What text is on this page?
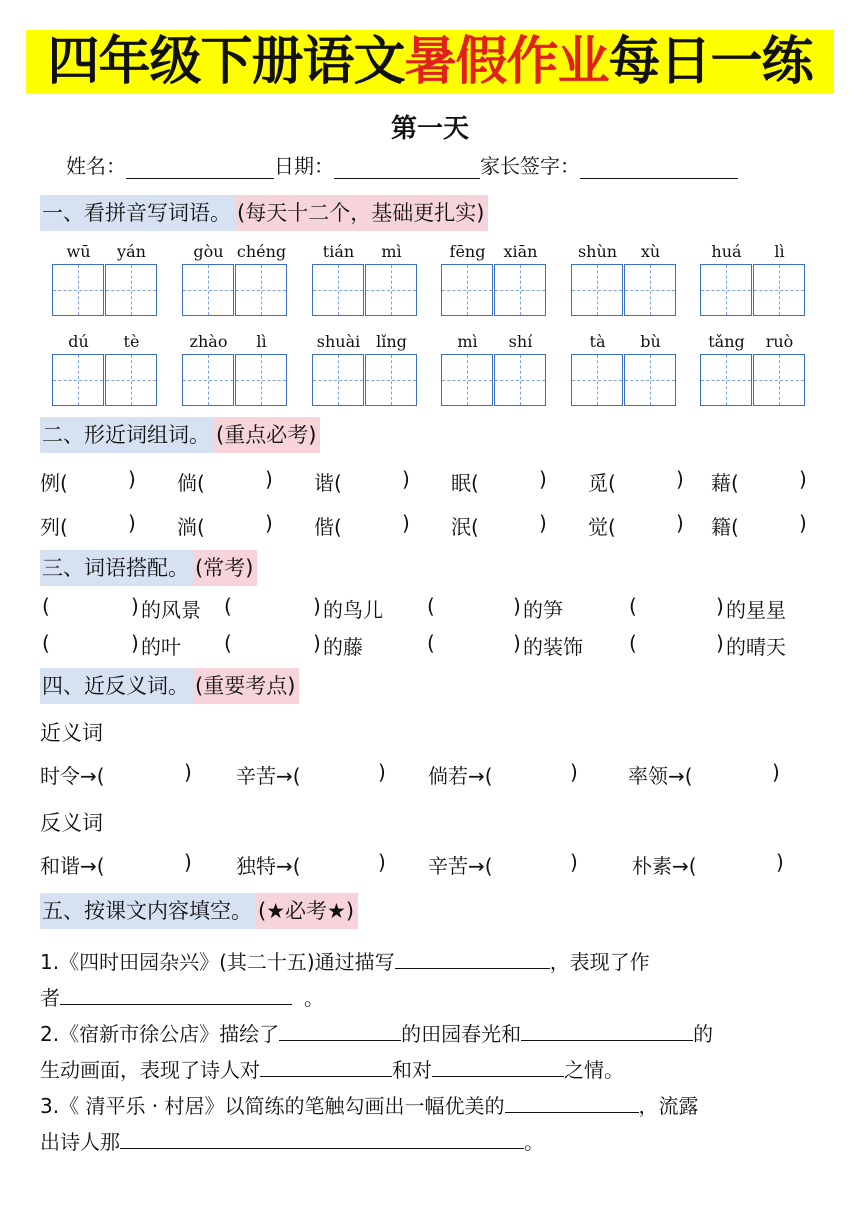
四年级下册语文 暑假作业 每日一练
第一天
姓名：	日期：	家长签字：
一、看拼音写词语。 (每天十二个，基础更扎实)
wū	yán	gòu chéng	tián	mì	fēng	xiān	shùn	xù	huá	lì
dú	tè	zhào	lì	shuài lǐng	mì	shí	tà	bù	tǎng	ruò
二、形近词组词。 (重点必考)
例(	) 倘(	) 谐(	) 眠(	) 觅(	) 藉(	)
列(	) 淌(	) 偕(	) 泯(	) 觉(	) 籍(	)
三、词语搭配。 (常考)
(	) 的风景 (	) 的鸟儿 (	) 的笋	(	) 的星星
(	) 的叶 (	) 的藤	(	) 的装饰 (	) 的晴天
四、近反义词。 (重要考点)
近义词
时令→(	) 辛苦→(	) 倘若→(	)	率领→(	)
反义词
和谐→(	) 独特→(	) 辛苦→(	)	朴素→(	)
五、按课文内容填空。 (★必考★)
1.《四时田园杂兴》(其二十五)通过描写	，表现了作
者	。
2.《宿新市徐公店》描绘了	的田园春光和	的
生动画面，表现了诗人对	和对	之情。
3.《 清平乐 · 村居》以简练的笔触勾画出一幅优美的	，流露
出诗人那	。
